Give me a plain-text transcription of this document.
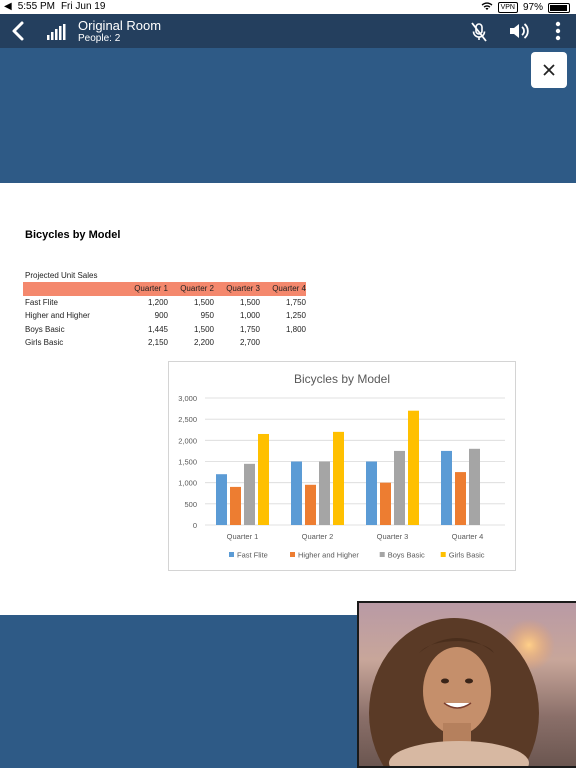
◀ 5:55 PM Fri Jun 19	VPN 97%
Original Room
People: 2
Bicycles by Model
Projected Unit Sales
Quarter 1	Quarter 2	Quarter 3	Quarter 4
Fast Flite	1,200	1,500	1,500	1,750
Higher and Higher	900	950	1,000	1,250
Boys Basic	1,445	1,500	1,750	1,800
Girls Basic	2,150	2,200	2,700
Bicycles by Model
0
500
1,000
1,500
2,000
2,500
3,000
Quarter 1	Quarter 2	Quarter 3	Quarter 4
Fast Flite	Higher and Higher	Boys Basic	Girls Basic
